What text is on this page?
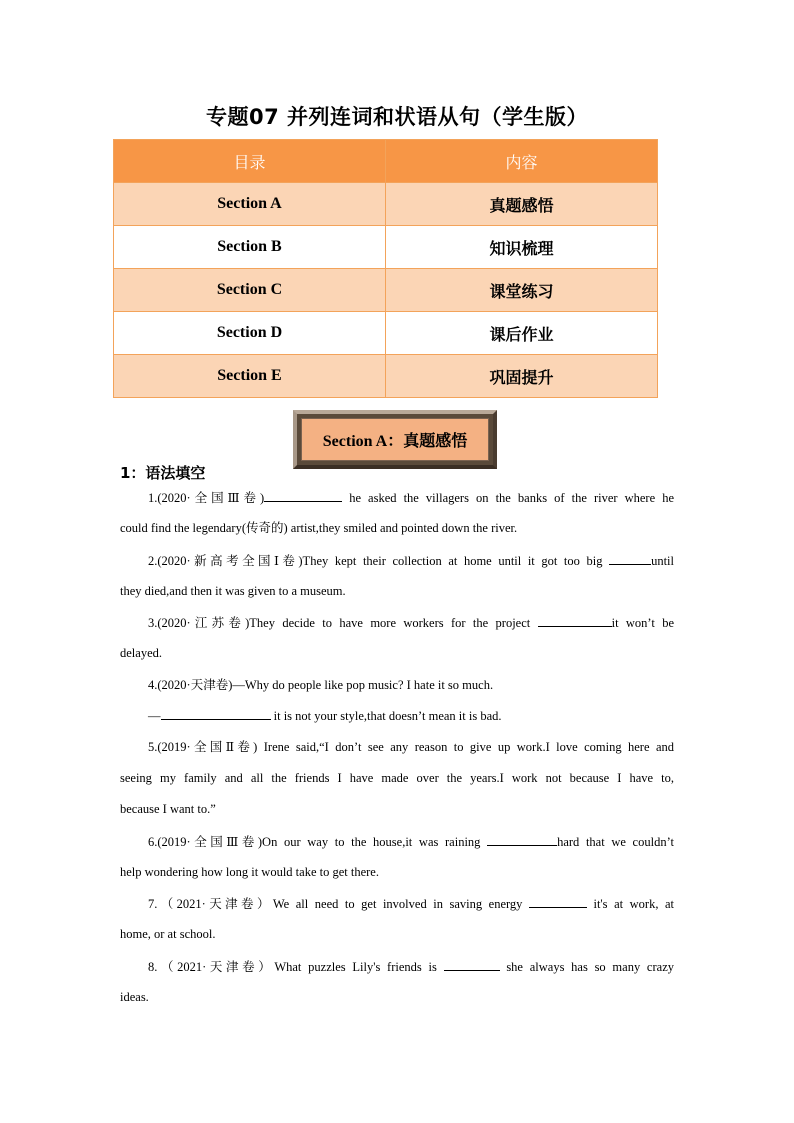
专题07 并列连词和状语从句（学生版）
目录	内容
Section A	真题感悟
Section B	知识梳理
Section C	课堂练习
Section D	课后作业
Section E	巩固提升
Section A： 真题感悟
1：语法填空
1.(2020·全国Ⅲ卷)	he asked the villagers on the banks of the river where he
could find the legendary(传奇的) artist,they smiled and pointed down the river.
2.(2020·新高考全国Ⅰ卷)They kept their collection at home until it got too big	until
they died,and then it was given to a museum.
3.(2020·江苏卷)They decide to have more workers for the project	it won’t be
delayed.
4.(2020·天津卷)—Why do people like pop music? I hate it so much.
—	it is not your style,that doesn’t mean it is bad.
5.(2019·全国Ⅱ卷) Irene said,“I don’t see any reason to give up work.I love coming here and
seeing my family and all the friends I have made over the years.I work not because I have to,
because I want to.”
6.(2019·全国Ⅲ卷)On our way to the house,it was raining	hard that we couldn’t
help wondering how long it would take to get there.
7.（2021·天津卷）We all need to get involved in saving energy	it's at work, at
home, or at school.
8.（2021·天津卷）What puzzles Lily's friends is	she always has so many crazy
ideas.
